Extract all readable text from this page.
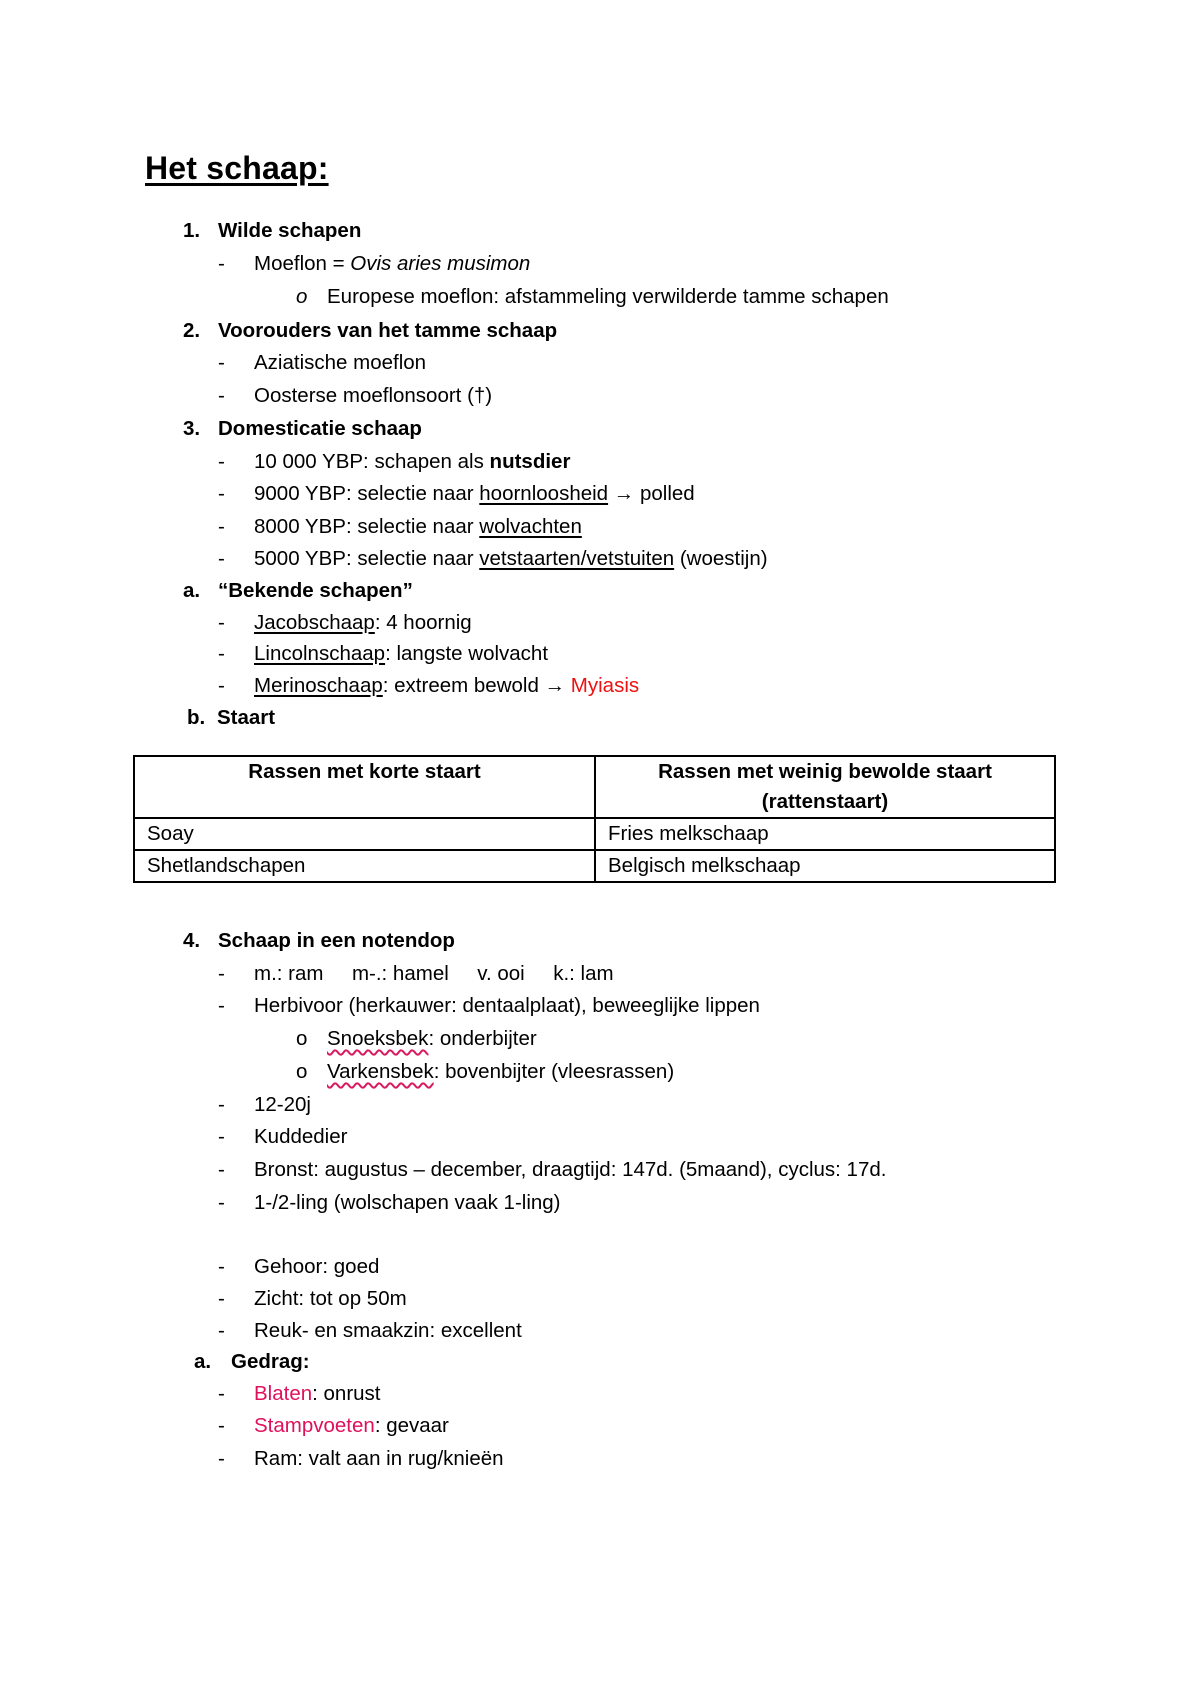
Het schaap:
1. Wilde schapen
- Moeflon = Ovis aries musimon
o Europese moeflon: afstammeling verwilderde tamme schapen
2. Voorouders van het tamme schaap
- Aziatische moeflon
- Oosterse moeflonsoort (†)
3. Domesticatie schaap
- 10 000 YBP: schapen als nutsdier
- 9000 YBP: selectie naar hoornloosheid → polled
- 8000 YBP: selectie naar wolvachten
- 5000 YBP: selectie naar vetstaarten/vetstuiten (woestijn)
a. “Bekende schapen”
- Jacobschaap: 4 hoornig
- Lincolnschaap: langste wolvacht
- Merinoschaap: extreem bewold → Myiasis
b. Staart
Rassen met korte staart	Rassen met weinig bewolde staart
(rattenstaart)

Soay	Fries melkschaap
Shetlandschapen	Belgisch melkschaap
4. Schaap in een notendop
- m.: ram     m-.: hamel     v. ooi     k.: lam
- Herbivoor (herkauwer: dentaalplaat), beweeglijke lippen
o Snoeksbek: onderbijter
o Varkensbek: bovenbijter (vleesrassen)
- 12-20j
- Kuddedier
- Bronst: augustus – december, draagtijd: 147d. (5maand), cyclus: 17d.
- 1-/2-ling (wolschapen vaak 1-ling)
- Gehoor: goed
- Zicht: tot op 50m
- Reuk- en smaakzin: excellent
a. Gedrag:
- Blaten: onrust
- Stampvoeten: gevaar
- Ram: valt aan in rug/knieën
